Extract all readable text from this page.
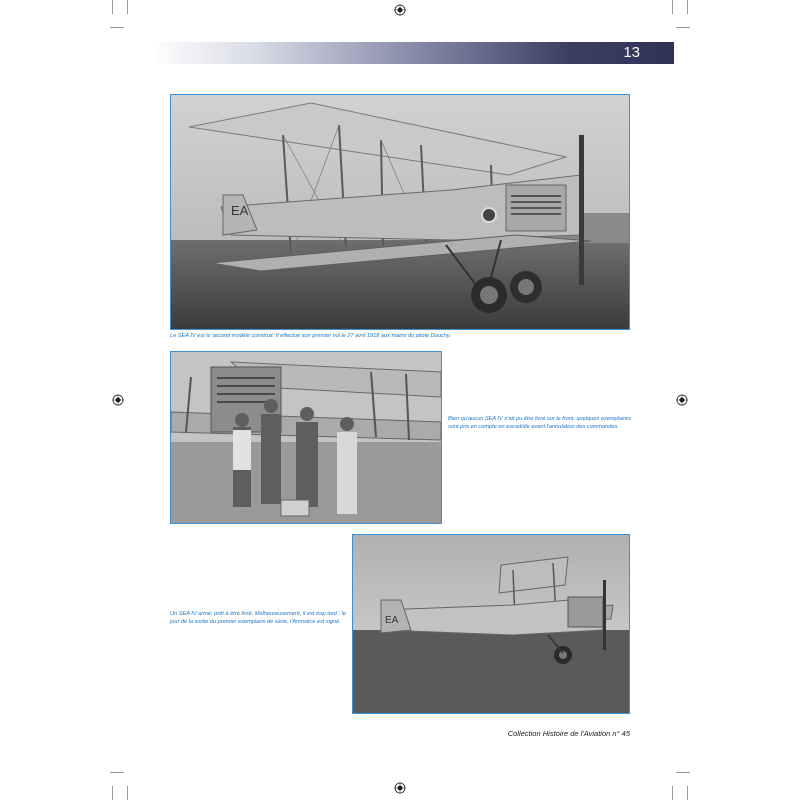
13
EA
Le SEA IV est le second modèle construit. Il effectue son premier vol le 27 avril 1918 aux mains du pilote Douchy.
Bien qu'aucun SEA IV n'ait pu être livré sur le front, quelques exemplaires sont pris en compte en escadrille avant l'annulation des commandes.
EA
Un SEA IV armé, prêt à être livré. Malheureusement, il est trop tard ; le jour de la sortie du premier exemplaire de série, l'Armistice est signé.
Collection Histoire de l'Aviation n° 45
